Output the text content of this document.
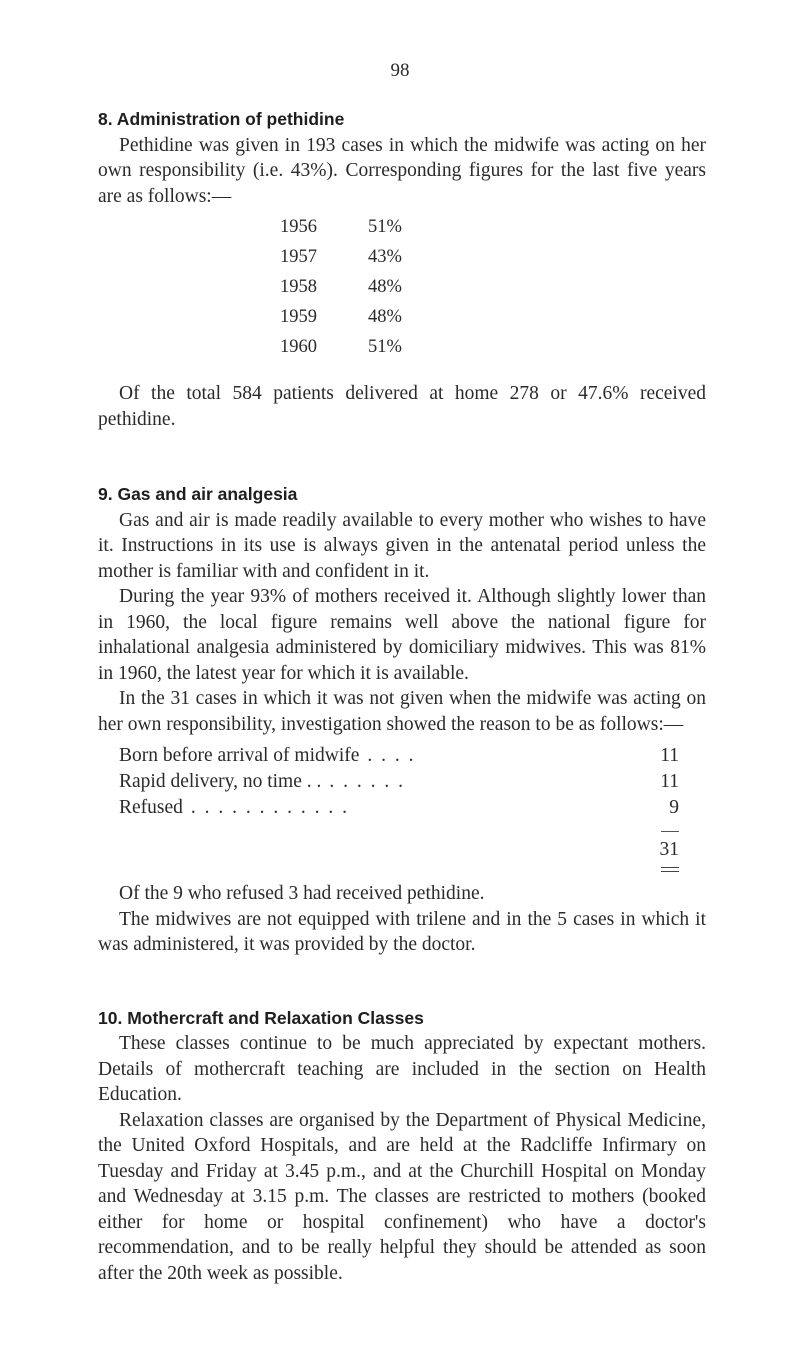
98
8. Administration of pethidine

Pethidine was given in 193 cases in which the midwife was acting on her own responsibility (i.e. 43%). Corresponding figures for the last five years are as follows:—

1956	51%
1957	43%
1958	48%
1959	48%
1960	51%

Of the total 584 patients delivered at home 278 or 47.6% received pethidine.

9. Gas and air analgesia

Gas and air is made readily available to every mother who wishes to have it. Instructions in its use is always given in the antenatal period unless the mother is familiar with and confident in it.

During the year 93% of mothers received it. Although slightly lower than in 1960, the local figure remains well above the national figure for inhalational analgesia administered by domiciliary midwives. This was 81% in 1960, the latest year for which it is available.

In the 31 cases in which it was not given when the midwife was acting on her own responsibility, investigation showed the reason to be as follows:—

Born before arrival of midwife . . . .	11
Rapid delivery, no time . . . . . . . .	11
Refused . . . . . . . . . . . .	9
31

Of the 9 who refused 3 had received pethidine.

The midwives are not equipped with trilene and in the 5 cases in which it was administered, it was provided by the doctor.

10. Mothercraft and Relaxation Classes

These classes continue to be much appreciated by expectant mothers. Details of mothercraft teaching are included in the section on Health Education.

Relaxation classes are organised by the Department of Physical Medicine, the United Oxford Hospitals, and are held at the Radcliffe Infirmary on Tuesday and Friday at 3.45 p.m., and at the Churchill Hospital on Monday and Wednesday at 3.15 p.m. The classes are restricted to mothers (booked either for home or hospital confinement) who have a doctor's recommendation, and to be really helpful they should be attended as soon after the 20th week as possible.
